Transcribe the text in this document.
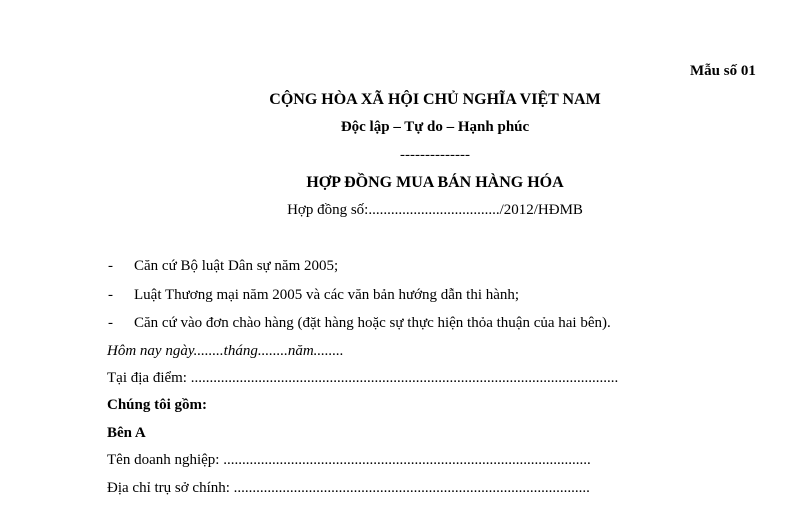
Mẫu số 01
CỘNG HÒA XÃ HỘI CHỦ NGHĨA VIỆT NAM
Độc lập – Tự do – Hạnh phúc
--------------
HỢP ĐỒNG MUA BÁN HÀNG HÓA
Hợp đồng số:.................................../2012/HĐMB
- Căn cứ Bộ luật Dân sự năm 2005;
- Luật Thương mại năm 2005 và các văn bản hướng dẫn thi hành;
- Căn cứ vào đơn chào hàng (đặt hàng hoặc sự thực hiện thỏa thuận của hai bên).
Hôm nay ngày........tháng........năm........
Tại địa điểm: ..................................................................................................................
Chúng tôi gồm:
Bên A
Tên doanh nghiệp: ..................................................................................................
Địa chỉ trụ sở chính: ...............................................................................................
